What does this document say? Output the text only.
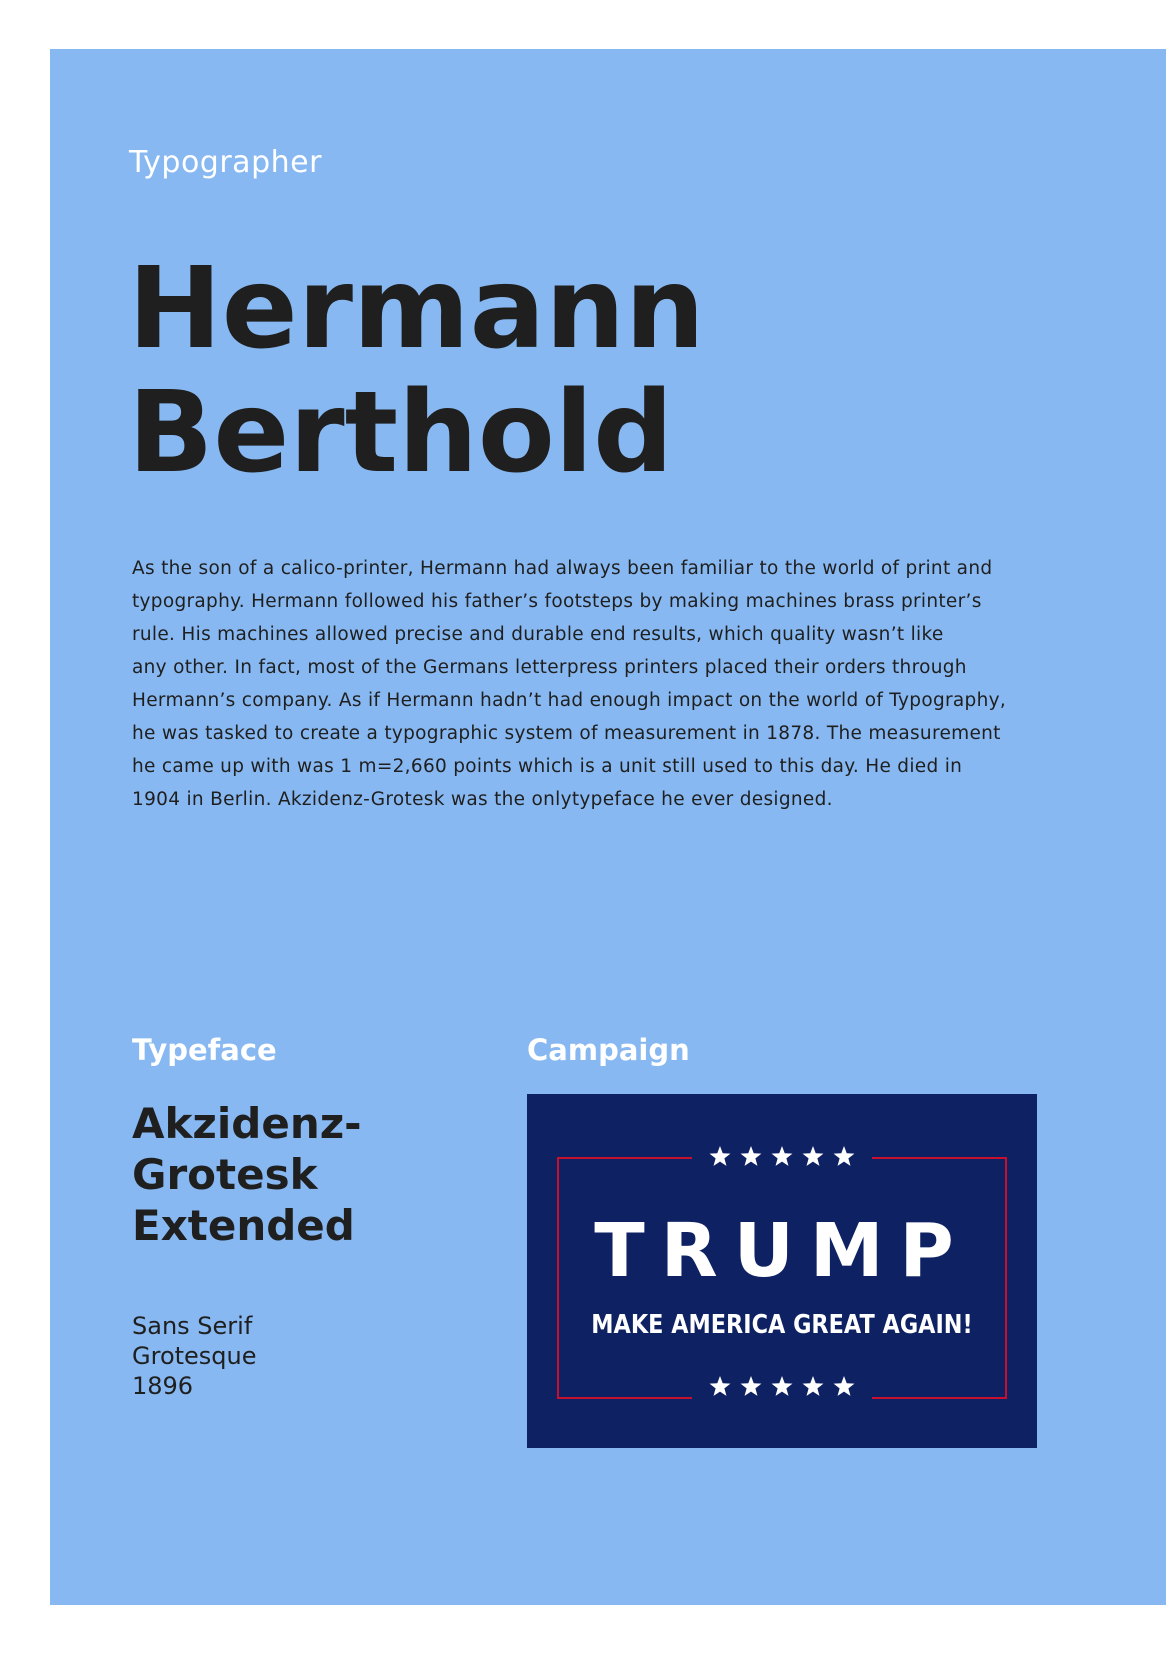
Typographer
Hermann
Berthold
As the son of a calico-printer, Hermann had always been familiar to the world of print and
typography. Hermann followed his father’s footsteps by making machines brass printer’s
rule. His machines allowed precise and durable end results, which quality wasn’t like
any other. In fact, most of the Germans letterpress printers placed their orders through
Hermann’s company. As if Hermann hadn’t had enough impact on the world of Typography,
he was tasked to create a typographic system of measurement in 1878. The measurement
he came up with was 1 m=2,660 points which is a unit still used to this day. He died in
1904 in Berlin. Akzidenz-Grotesk was the onlytypeface he ever designed.
Typeface	Campaign
Akzidenz-
Grotesk
Extended
Sans Serif
Grotesque
1896
TRUMP
MAKE AMERICA GREAT AGAIN!
